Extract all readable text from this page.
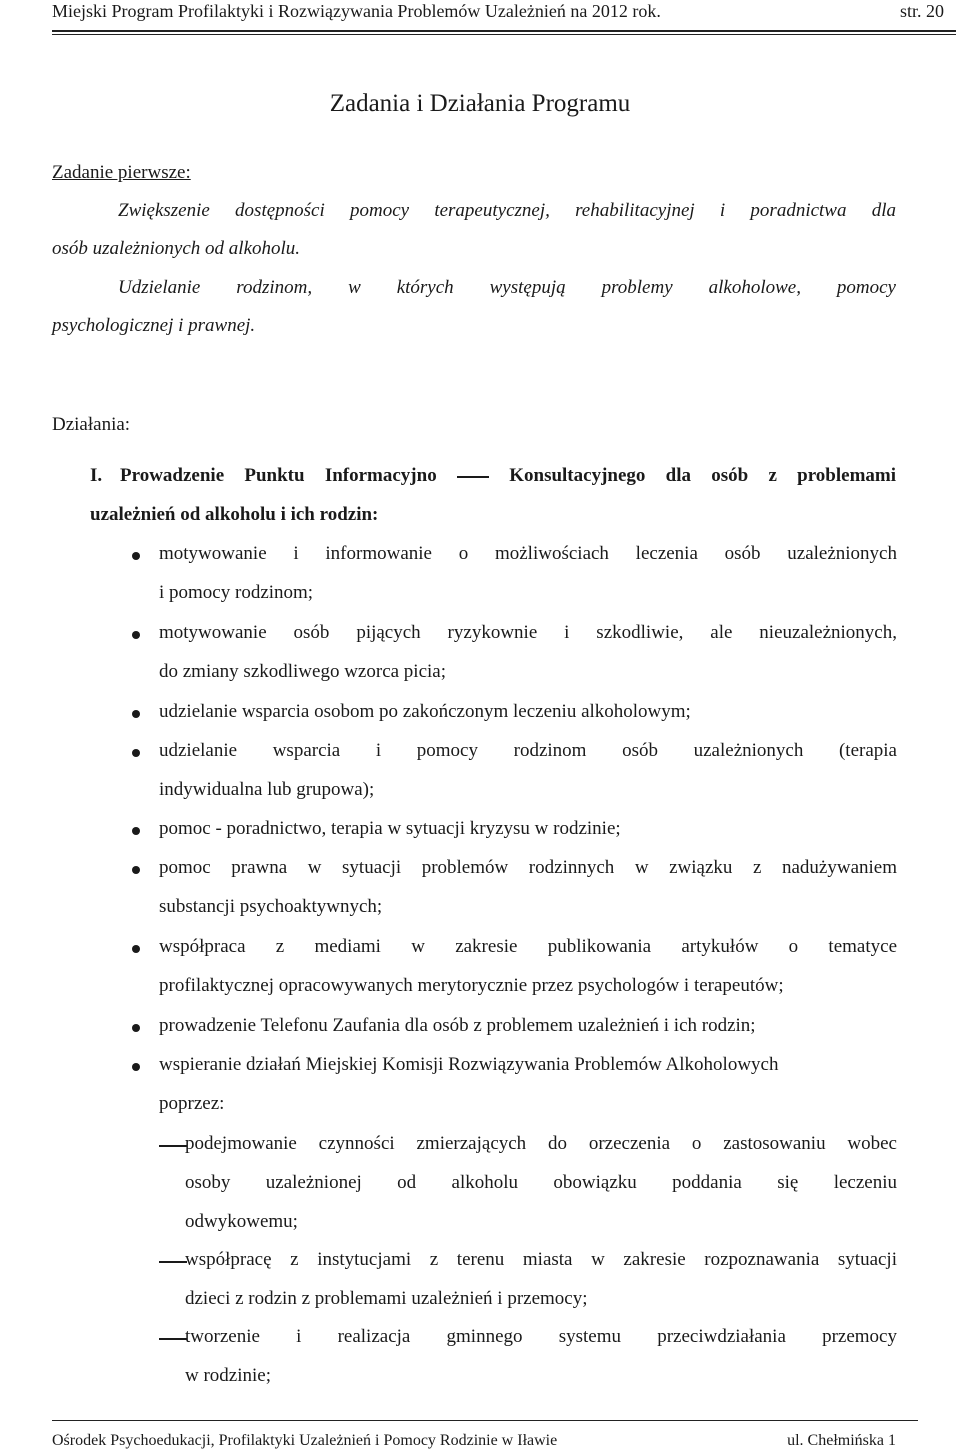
Miejski Program Profilaktyki i Rozwiązywania Problemów Uzależnień na 2012 rok.	str. 20
Zadania i Działania Programu
Zadanie pierwsze:
Zwiększenie dostępności pomocy terapeutycznej, rehabilitacyjnej i poradnictwa dla
osób uzależnionych od alkoholu.
Udzielanie rodzinom, w których występują problemy alkoholowe, pomocy
psychologicznej i prawnej.
Działania:
I. Prowadzenie Punktu Informacyjno	Konsultacyjnego dla osób z problemami
uzależnień od alkoholu i ich rodzin:
motywowanie i informowanie o możliwościach leczenia osób uzależnionych
i pomocy rodzinom;
motywowanie osób pijących ryzykownie i szkodliwie, ale nieuzależnionych,
do zmiany szkodliwego wzorca picia;
udzielanie wsparcia osobom po zakończonym leczeniu alkoholowym;
udzielanie wsparcia i pomocy rodzinom osób uzależnionych (terapia
indywidualna lub grupowa);
pomoc - poradnictwo, terapia w sytuacji kryzysu w rodzinie;
pomoc prawna w sytuacji problemów rodzinnych w związku z nadużywaniem
substancji psychoaktywnych;
współpraca z mediami w zakresie publikowania artykułów o tematyce
profilaktycznej opracowywanych merytorycznie przez psychologów i terapeutów;
prowadzenie Telefonu Zaufania dla osób z problemem uzależnień i ich rodzin;
wspieranie działań Miejskiej Komisji Rozwiązywania Problemów Alkoholowych
poprzez:
podejmowanie czynności zmierzających do orzeczenia o zastosowaniu wobec
osoby uzależnionej od alkoholu obowiązku poddania się leczeniu
odwykowemu;
współpracę z instytucjami z terenu miasta w zakresie rozpoznawania sytuacji
dzieci z rodzin z problemami uzależnień i przemocy;
tworzenie i realizacja gminnego systemu przeciwdziałania przemocy
w rodzinie;
Ośrodek Psychoedukacji, Profilaktyki Uzależnień i Pomocy Rodzinie w Iławie	ul. Chełmińska 1
